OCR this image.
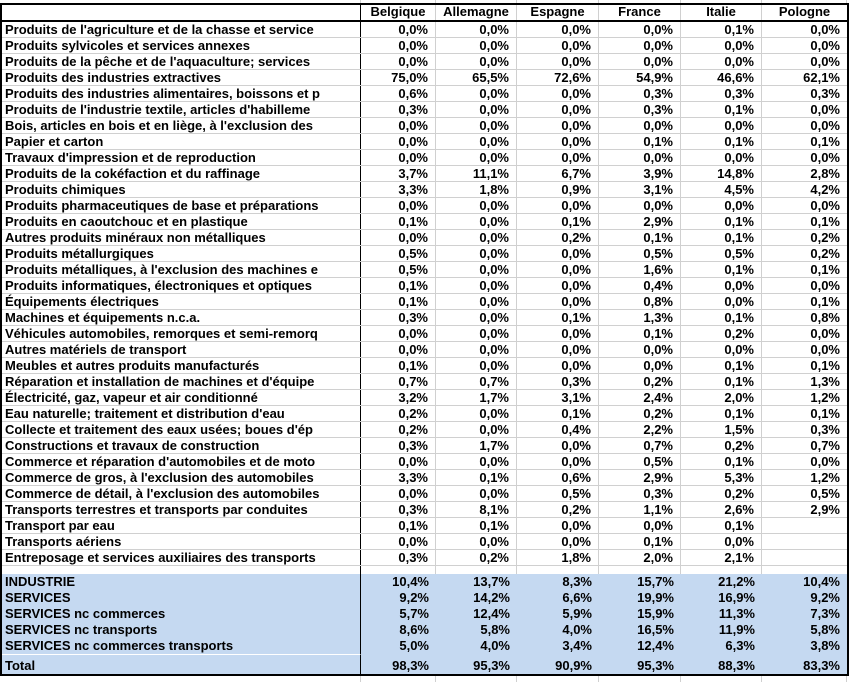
Belgique	Allemagne	Espagne	France	Italie	Pologne
Produits de l'agriculture et de la chasse et service	0,0%	0,0%	0,0%	0,0%	0,1%	0,0%
Produits sylvicoles et services annexes	0,0%	0,0%	0,0%	0,0%	0,0%	0,0%
Produits de la pêche et de l'aquaculture; services	0,0%	0,0%	0,0%	0,0%	0,0%	0,0%
Produits des industries extractives	75,0%	65,5%	72,6%	54,9%	46,6%	62,1%
Produits des industries alimentaires, boissons et p	0,6%	0,0%	0,0%	0,3%	0,3%	0,3%
Produits de l'industrie textile, articles d'habilleme	0,3%	0,0%	0,0%	0,3%	0,1%	0,0%
Bois, articles en bois et en liège, à l'exclusion des	0,0%	0,0%	0,0%	0,0%	0,0%	0,0%
Papier et carton	0,0%	0,0%	0,0%	0,1%	0,1%	0,1%
Travaux d'impression et de reproduction	0,0%	0,0%	0,0%	0,0%	0,0%	0,0%
Produits de la cokéfaction et du raffinage	3,7%	11,1%	6,7%	3,9%	14,8%	2,8%
Produits chimiques	3,3%	1,8%	0,9%	3,1%	4,5%	4,2%
Produits pharmaceutiques de base et préparations	0,0%	0,0%	0,0%	0,0%	0,0%	0,0%
Produits en caoutchouc et en plastique	0,1%	0,0%	0,1%	2,9%	0,1%	0,1%
Autres produits minéraux non métalliques	0,0%	0,0%	0,2%	0,1%	0,1%	0,2%
Produits métallurgiques	0,5%	0,0%	0,0%	0,5%	0,5%	0,2%
Produits métalliques, à l'exclusion des machines e	0,5%	0,0%	0,0%	1,6%	0,1%	0,1%
Produits informatiques, électroniques et optiques	0,1%	0,0%	0,0%	0,4%	0,0%	0,0%
Équipements électriques	0,1%	0,0%	0,0%	0,8%	0,0%	0,1%
Machines et équipements n.c.a.	0,3%	0,0%	0,1%	1,3%	0,1%	0,8%
Véhicules automobiles, remorques et semi-remorq	0,0%	0,0%	0,0%	0,1%	0,2%	0,0%
Autres matériels de transport	0,0%	0,0%	0,0%	0,0%	0,0%	0,0%
Meubles et autres produits manufacturés	0,1%	0,0%	0,0%	0,0%	0,1%	0,1%
Réparation et installation de machines et d'équipe	0,7%	0,7%	0,3%	0,2%	0,1%	1,3%
Électricité, gaz, vapeur et air conditionné	3,2%	1,7%	3,1%	2,4%	2,0%	1,2%
Eau naturelle; traitement et distribution d'eau	0,2%	0,0%	0,1%	0,2%	0,1%	0,1%
Collecte et traitement des eaux usées; boues d'ép	0,2%	0,0%	0,4%	2,2%	1,5%	0,3%
Constructions et travaux de construction	0,3%	1,7%	0,0%	0,7%	0,2%	0,7%
Commerce et réparation d'automobiles et de moto	0,0%	0,0%	0,0%	0,5%	0,1%	0,0%
Commerce de gros, à l'exclusion des automobiles	3,3%	0,1%	0,6%	2,9%	5,3%	1,2%
Commerce de détail, à l'exclusion des automobiles	0,0%	0,0%	0,5%	0,3%	0,2%	0,5%
Transports terrestres et transports par conduites	0,3%	8,1%	0,2%	1,1%	2,6%	2,9%
Transport par eau	0,1%	0,1%	0,0%	0,0%	0,1%
Transports aériens	0,0%	0,0%	0,0%	0,1%	0,0%
Entreposage et services auxiliaires des transports	0,3%	0,2%	1,8%	2,0%	2,1%
INDUSTRIE	10,4%	13,7%	8,3%	15,7%	21,2%	10,4%
SERVICES	9,2%	14,2%	6,6%	19,9%	16,9%	9,2%
SERVICES nc commerces	5,7%	12,4%	5,9%	15,9%	11,3%	7,3%
SERVICES nc transports	8,6%	5,8%	4,0%	16,5%	11,9%	5,8%
SERVICES nc commerces transports	5,0%	4,0%	3,4%	12,4%	6,3%	3,8%
Total	98,3%	95,3%	90,9%	95,3%	88,3%	83,3%
